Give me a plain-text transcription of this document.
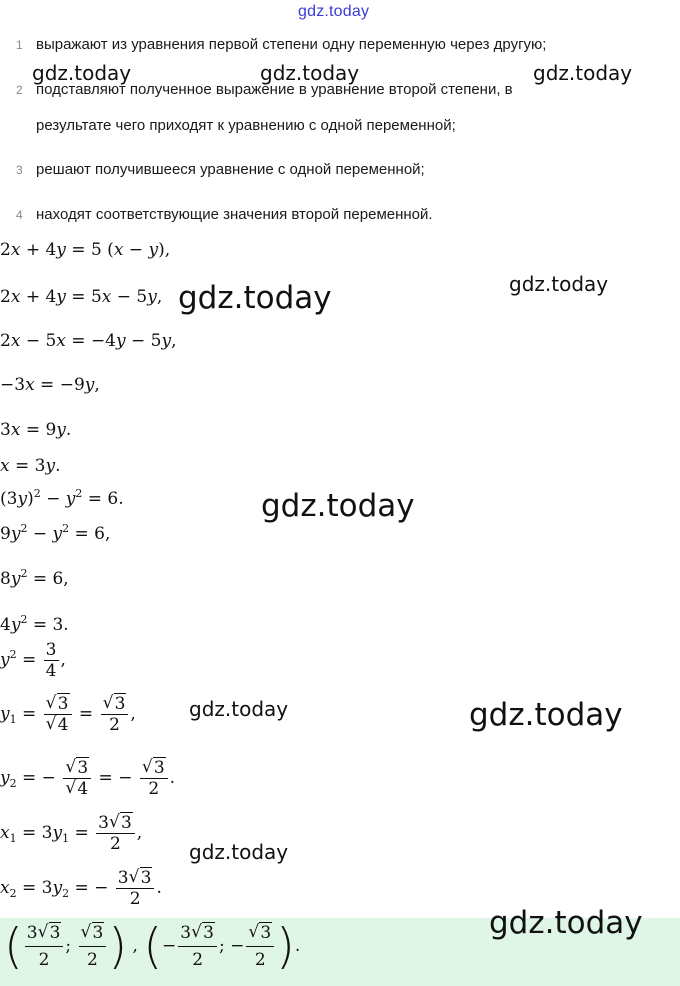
gdz.today
1 выражают из уравнения первой степени одну переменную через другую;
2 подставляют полученное выражение в уравнение второй степени, в
результате чего приходят к уравнению с одной переменной;
3 решают получившееся уравнение с одной переменной;
4 находят соответствующие значения второй переменной.
2x + 4y = 5 (x − y),
2x + 4y = 5x − 5y,
2x − 5x = −4y − 5y,
−3x = −9y,
3x = 9y.
x = 3y.
$(3y)^2 - y^2 = 6$.
$9y^2 - y^2 = 6$,
$8y^2 = 6$,
$4y^2 = 3$.
$y^2 = \frac{3}{4}$ ,
$y_1$ = √ 3
√ 4 = √ $\frac{3}{2}$ ,
$y_2$ = − √ 3
√ 4 = − √ $\frac{3}{2}$ .
$x_1 = 3y_1 = \frac{3 √ 3}{2}$ ,
$x_2 = 3y_2$ = − $\frac{3 √ 3}{2}$ .
( $\frac{3 √ 3}{2}$ ; √ $\frac{3}{2}$ ) , (− $\frac{3 √ 3}{2}$ ; − √ $\frac{3}{2}$ ).
gdz.today	gdz.today	gdz.today
gdz.today	gdz.today
gdz.today
gdz.today	gdz.today
gdz.today
gdz.today
